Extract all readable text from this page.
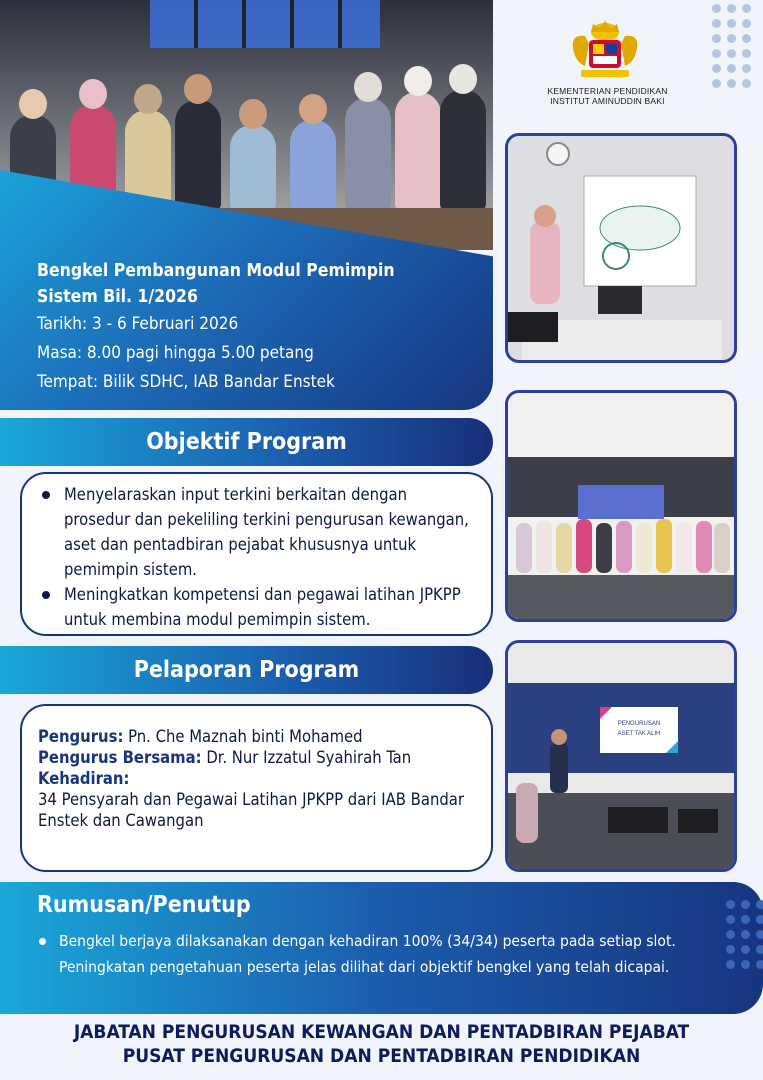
KEMENTERIAN PENDIDIKAN
INSTITUT AMINUDDIN BAKI
Bengkel Pembangunan Modul Pemimpin
Sistem Bil. 1/2026
Tarikh: 3 - 6 Februari 2026
Masa: 8.00 pagi hingga 5.00 petang
Tempat: Bilik SDHC, IAB Bandar Enstek
Objektif Program
Menyelaraskan input terkini berkaitan dengan prosedur dan pekeliling terkini pengurusan kewangan, aset dan pentadbiran pejabat khususnya untuk pemimpin sistem.
Meningkatkan kompetensi dan pegawai latihan JPKPP untuk membina modul pemimpin sistem.
Pelaporan Program
Pengurus: Pn. Che Maznah binti Mohamed
Pengurus Bersama: Dr. Nur Izzatul Syahirah Tan
Kehadiran:
34 Pensyarah dan Pegawai Latihan JPKPP dari IAB Bandar Enstek dan Cawangan
PENGURUSAN
ASET TAK ALIH
Rumusan/Penutup
Bengkel berjaya dilaksanakan dengan kehadiran 100% (34/34) peserta pada setiap slot. Peningkatan pengetahuan peserta jelas dilihat dari objektif bengkel yang telah dicapai.
JABATAN PENGURUSAN KEWANGAN DAN PENTADBIRAN PEJABAT
PUSAT PENGURUSAN DAN PENTADBIRAN PENDIDIKAN
